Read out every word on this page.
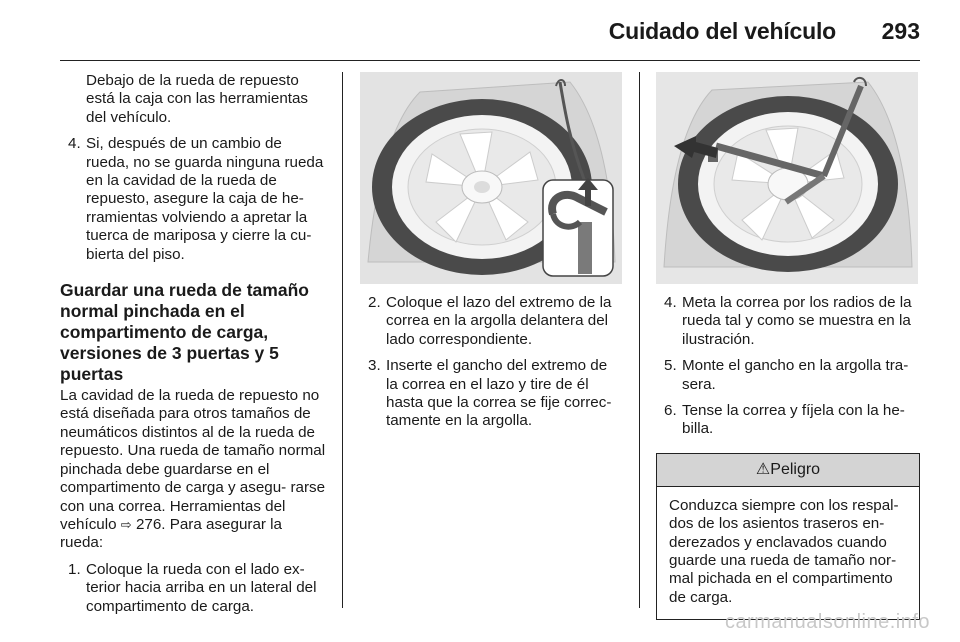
Cuidado del vehículo 293

Debajo de la rueda de repuesto está la caja con las herramientas del vehículo.

4. Si, después de un cambio de rueda, no se guarda ninguna rueda en la cavidad de la rueda de repuesto, asegure la caja de he- rramientas volviendo a apretar la tuerca de mariposa y cierre la cu- bierta del piso.
Guardar una rueda de tamaño normal pinchada en el compartimento de carga, versiones de 3 puertas y 5 puertas

La cavidad de la rueda de repuesto no está diseñada para otros tamaños de neumáticos distintos al de la rueda de repuesto. Una rueda de tamaño normal pinchada debe guardarse en el compartimento de carga y asegu- rarse con una correa. Herramientas del vehículo ⇨ 276. Para asegurar la rueda:

1. Coloque la rueda con el lado ex- terior hacia arriba en un lateral del compartimento de carga.
2. Coloque el lazo del extremo de la correa en la argolla delantera del lado correspondiente.
3. Inserte el gancho del extremo de la correa en el lazo y tire de él hasta que la correa se fije correc- tamente en la argolla.
4. Meta la correa por los radios de la rueda tal y como se muestra en la ilustración.
5. Monte el gancho en la argolla tra- sera.
6. Tense la correa y fíjela con la he- billa.
⚠Peligro
Conduzca siempre con los respal- dos de los asientos traseros en- derezados y enclavados cuando guarde una rueda de tamaño nor- mal pichada en el compartimento de carga.
carmanualsonline.info
